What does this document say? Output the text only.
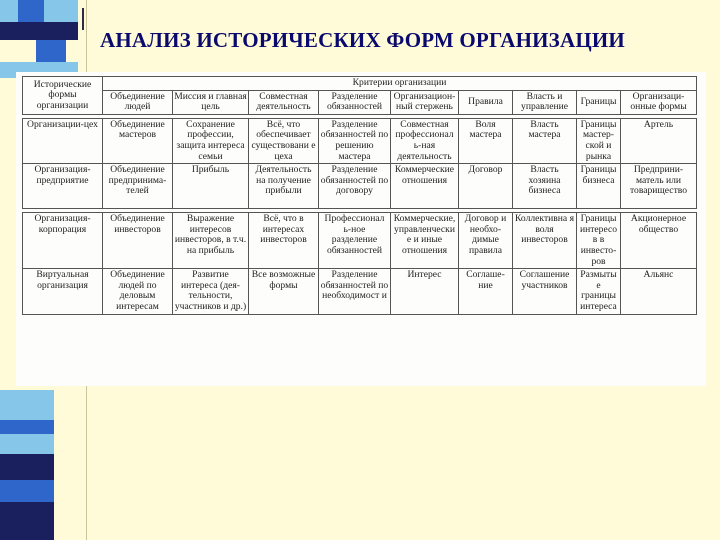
АНАЛИЗ ИСТОРИЧЕСКИХ ФОРМ ОРГАНИЗАЦИИ
Исторические формы организации	Критерии организации								
	Объединение людей	Миссия и главная цель	Совместная деятельность	Разделение обязанностей	Организацион-ный стержень	Правила	Власть и управление	Границы	Организаци-онные формы

Организации-цех	Объединение мастеров	Сохранение профессии, защита интереса семьи	Всё, что обеспечивает существовани е цеха	Разделение обязанностей по решению мастера	Совместная профессионал ь-ная деятельность	Воля мастера	Власть мастера	Границы мастер-ской и рынка	Артель
Организация-предприятие	Объединение предпринима-телей	Прибыль	Деятельность на получение прибыли	Разделение обязанностей по договору	Коммерческие отношения	Договор	Власть хозяина бизнеса	Границы бизнеса	Предприни-матель или товарищество

Организация-корпорация	Объединение инвесторов	Выражение интересов инвесторов, в т.ч. на прибыль	Всё, что в интересах инвесторов	Профессионал ь-ное разделение обязанностей	Коммерческие, управленчески е и иные отношения	Договор и необхо-димые правила	Коллективна я воля инвесторов	Границы интересов в инвесто-ров	Акционерное общество
Виртуальная организация	Объединение людей по деловым интересам	Развитие интереса (дея-тельности, участников и др.)	Все возможные формы	Разделение обязанностей по необходимост и	Интерес	Соглаше-ние	Соглашение участников	Размыты е границы интереса	Альянс
